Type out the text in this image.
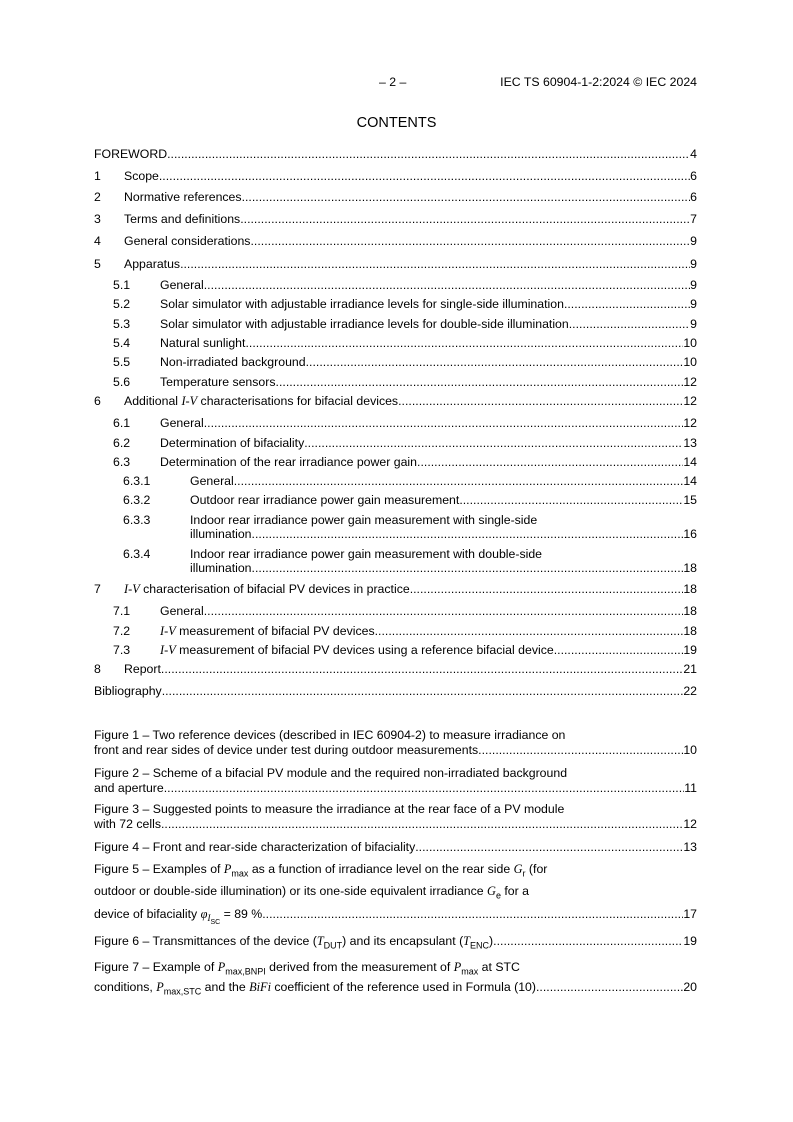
– 2 –	IEC TS 60904-1-2:2024 © IEC 2024
CONTENTS
FOREWORD . . .	4
1	Scope . . .	6
2	Normative references . . .	6
3	Terms and definitions . . .	7
4	General considerations . . .	9
5	Apparatus . . .	9
5.1	General . . .	9
5.2	Solar simulator with adjustable irradiance levels for single-side illumination . . .	9
5.3	Solar simulator with adjustable irradiance levels for double-side illumination . . .	9
5.4	Natural sunlight . . .	10
5.5	Non-irradiated background . . .	10
5.6	Temperature sensors . . .	12
6	Additional I-V characterisations for bifacial devices . . .	12
6.1	General . . .	12
6.2	Determination of bifaciality . . .	13
6.3	Determination of the rear irradiance power gain . . .	14
6.3.1	General . . .	14
6.3.2	Outdoor rear irradiance power gain measurement . . .	15
6.3.3	Indoor rear irradiance power gain measurement with single-side
illumination . . .	16
6.3.4	Indoor rear irradiance power gain measurement with double-side
illumination . . .	18
7	I-V characterisation of bifacial PV devices in practice . . .	18
7.1	General . . .	18
7.2	I-V measurement of bifacial PV devices . . .	18
7.3	I-V measurement of bifacial PV devices using a reference bifacial device . . .	19
8	Report . . .	21
Bibliography . . .	22
Figure 1 – Two reference devices (described in IEC 60904-2) to measure irradiance on
front and rear sides of device under test during outdoor measurements . . .	10
Figure 2 – Scheme of a bifacial PV module and the required non-irradiated background
and aperture . . .	11
Figure 3 – Suggested points to measure the irradiance at the rear face of a PV module
with 72 cells . . .	12
Figure 4 – Front and rear-side characterization of bifaciality . . .	13
Figure 5 – Examples of $P_{max}$ as a function of irradiance level on the rear side $G_r$ (for
outdoor or double-side illumination) or its one-side equivalent irradiance $G_e$ for a
device of bifaciality $\varphi_{I_{SC}} = 89$ % . . .	17
Figure 6 – Transmittances of the device $(T_{DUT})$ and its encapsulant $(T_{ENC})$ . . .	19
Figure 7 – Example of $P_{max,BNPI}$ derived from the measurement of $P_{max}$ at STC
conditions, $P_{max,STC}$ and the BiFi coefficient of the reference used in Formula (10) . . .	20
